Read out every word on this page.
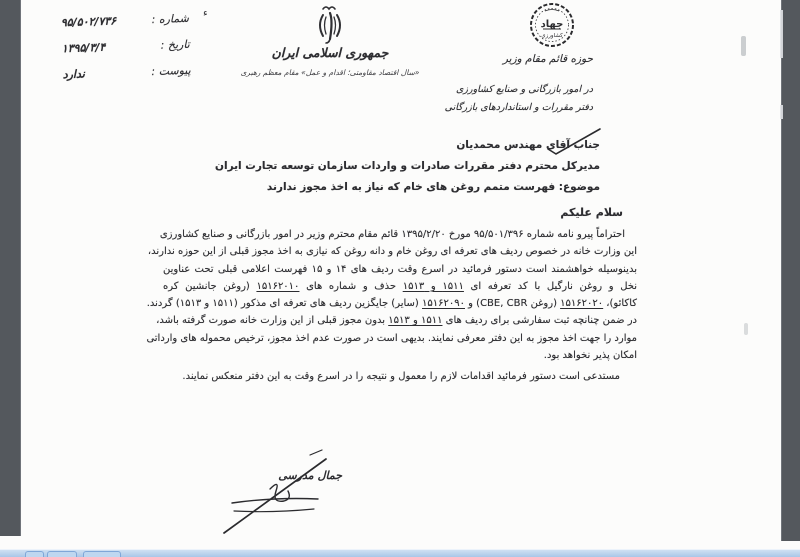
شماره :
۹۵/۵۰۲/۷۳۶
تاریخ :
۱۳۹۵/۳/۴
پیوست :
ندارد
ء
جمهوری اسلامی ایران
«سال اقتصاد مقاومتی؛ اقدام و عمل» مقام معظم رهبری
جهاد
کشاورزی
حوزه قائم مقام وزیر
در امور بازرگانی و صنایع کشاورزی
دفتر مقررات و استانداردهای بازرگانی
جناب آقای مهندس محمدیان
مدیرکل محترم دفتر مقررات صادرات و واردات سازمان توسعه تجارت ایران
موضوع: فهرست متمم روغن های خام که نیاز به اخذ مجوز ندارند
سلام علیکم
احتراماً پیرو نامه شماره ۹۵/۵۰۱/۳۹۶ مورخ ۱۳۹۵/۲/۲۰ قائم مقام محترم وزیر در امور بازرگانی و صنایع کشاورزی
این وزارت خانه در خصوص ردیف های تعرفه ای روغن خام و دانه روغن که نیازی به اخذ مجوز قبلی از این حوزه ندارند،
بدینوسیله خواهشمند است دستور فرمائید در اسرع وقت ردیف های ۱۴ و ۱۵ فهرست اعلامی قبلی تحت عناوین
نخل و روغن نارگیل با کد تعرفه ای ۱۵۱۱ و ۱۵۱۳ حذف و شماره های ۱۵۱۶۲۰۱۰ (روغن جانشین کره
کاکائو)، ۱۵۱۶۲۰۲۰ (روغن CBE, CBR) و ۱۵۱۶۲۰۹۰ (سایر) جایگزین ردیف های تعرفه ای مذکور (۱۵۱۱ و ۱۵۱۳) گردند.
در ضمن چنانچه ثبت سفارشی برای ردیف های ۱۵۱۱ و ۱۵۱۳ بدون مجوز قبلی از این وزارت خانه صورت گرفته باشد،
موارد را جهت اخذ مجوز به این دفتر معرفی نمایند. بدیهی است در صورت عدم اخذ مجوز، ترخیص محموله های وارداتی
امکان پذیر نخواهد بود.
مستدعی است دستور فرمائید اقدامات لازم را معمول و نتیجه را در اسرع وقت به این دفتر منعکس نمایند.
جمال مدرسی
